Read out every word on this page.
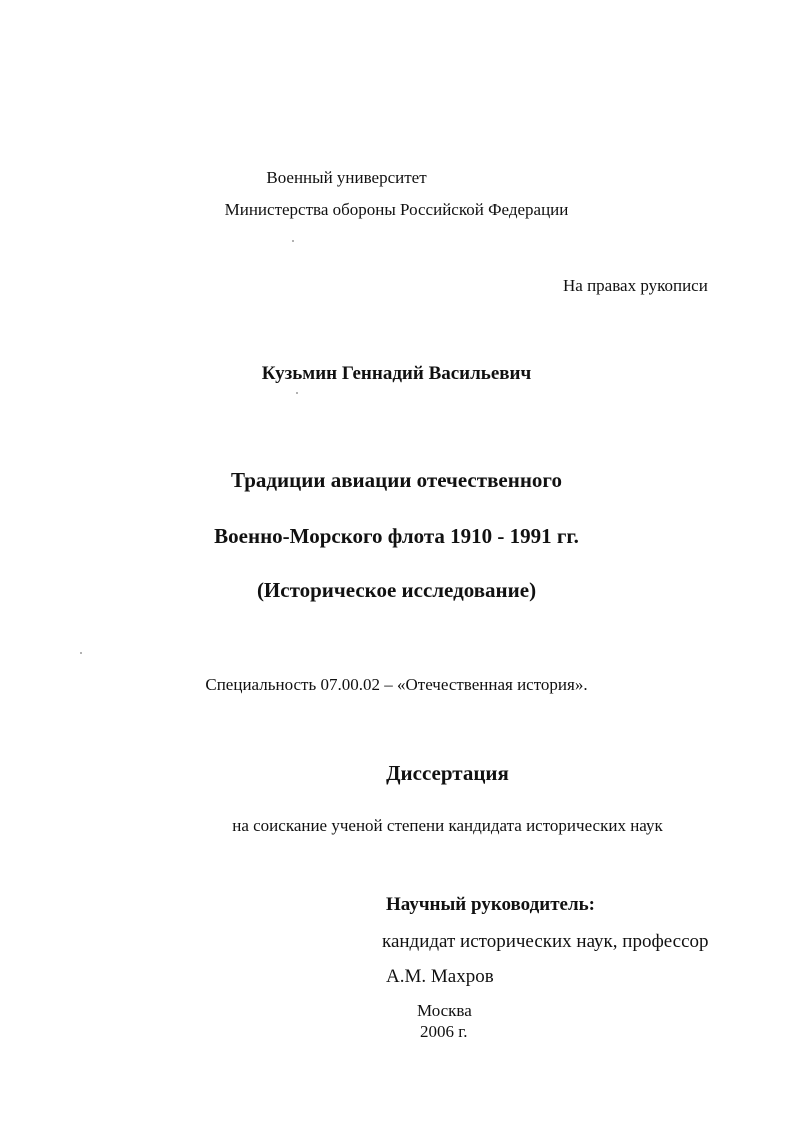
Военный университет
Министерства обороны Российской Федерации
На правах рукописи
Кузьмин Геннадий Васильевич
Традиции авиации отечественного
Военно-Морского флота 1910 - 1991 гг.
(Историческое исследование)
Специальность 07.00.02 – «Отечественная история».
Диссертация
на соискание ученой степени кандидата исторических наук
Научный руководитель:
кандидат исторических наук, профессор
А.М. Махров
Москва
2006 г.
